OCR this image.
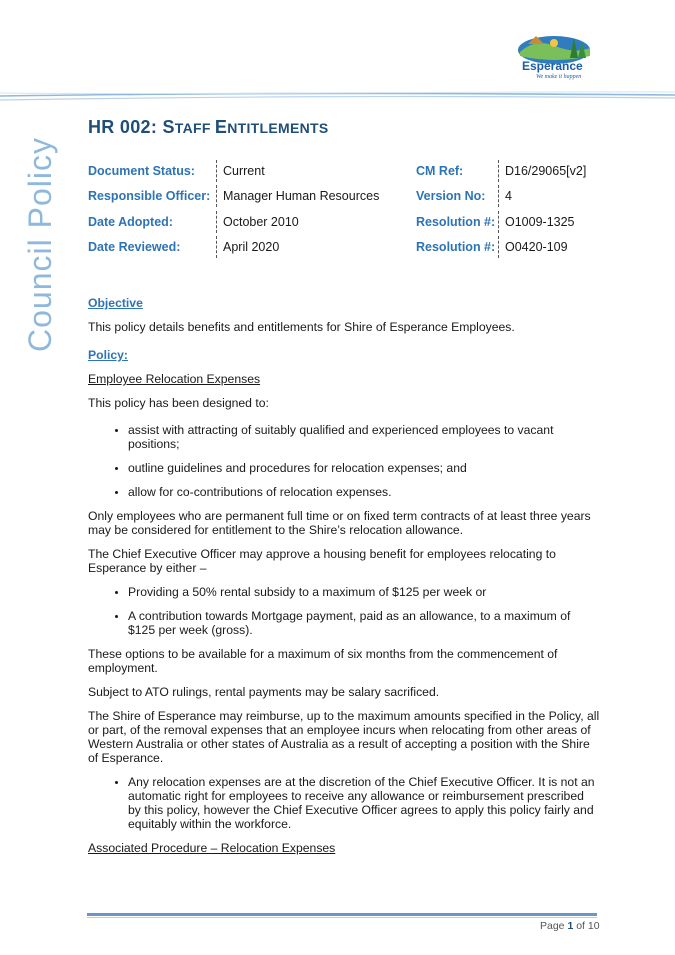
Esperance
We make it happen
Council Policy
HR 002: STAFF ENTITLEMENTS
Document Status: Current	CM Ref:	D16/29065[v2]
Responsible Officer: Manager Human Resources	Version No: 4
Date Adopted:	October 2010	Resolution #: O1009-1325
Date Reviewed:	April 2020	Resolution #: O0420-109

Objective

This policy details benefits and entitlements for Shire of Esperance Employees.

Policy:

Employee Relocation Expenses

This policy has been designed to:

• assist with attracting of suitably qualified and experienced employees to vacant positions;
• outline guidelines and procedures for relocation expenses; and
• allow for co-contributions of relocation expenses.

Only employees who are permanent full time or on fixed term contracts of at least three years may be considered for entitlement to the Shire’s relocation allowance.

The Chief Executive Officer may approve a housing benefit for employees relocating to Esperance by either –

• Providing a 50% rental subsidy to a maximum of $125 per week or
• A contribution towards Mortgage payment, paid as an allowance, to a maximum of $125 per week (gross).

These options to be available for a maximum of six months from the commencement of employment.

Subject to ATO rulings, rental payments may be salary sacrificed.

The Shire of Esperance may reimburse, up to the maximum amounts specified in the Policy, all or part, of the removal expenses that an employee incurs when relocating from other areas of Western Australia or other states of Australia as a result of accepting a position with the Shire of Esperance.

• Any relocation expenses are at the discretion of the Chief Executive Officer. It is not an automatic right for employees to receive any allowance or reimbursement prescribed by this policy, however the Chief Executive Officer agrees to apply this policy fairly and equitably within the workforce.

Associated Procedure – Relocation Expenses

Page 1 of 10
